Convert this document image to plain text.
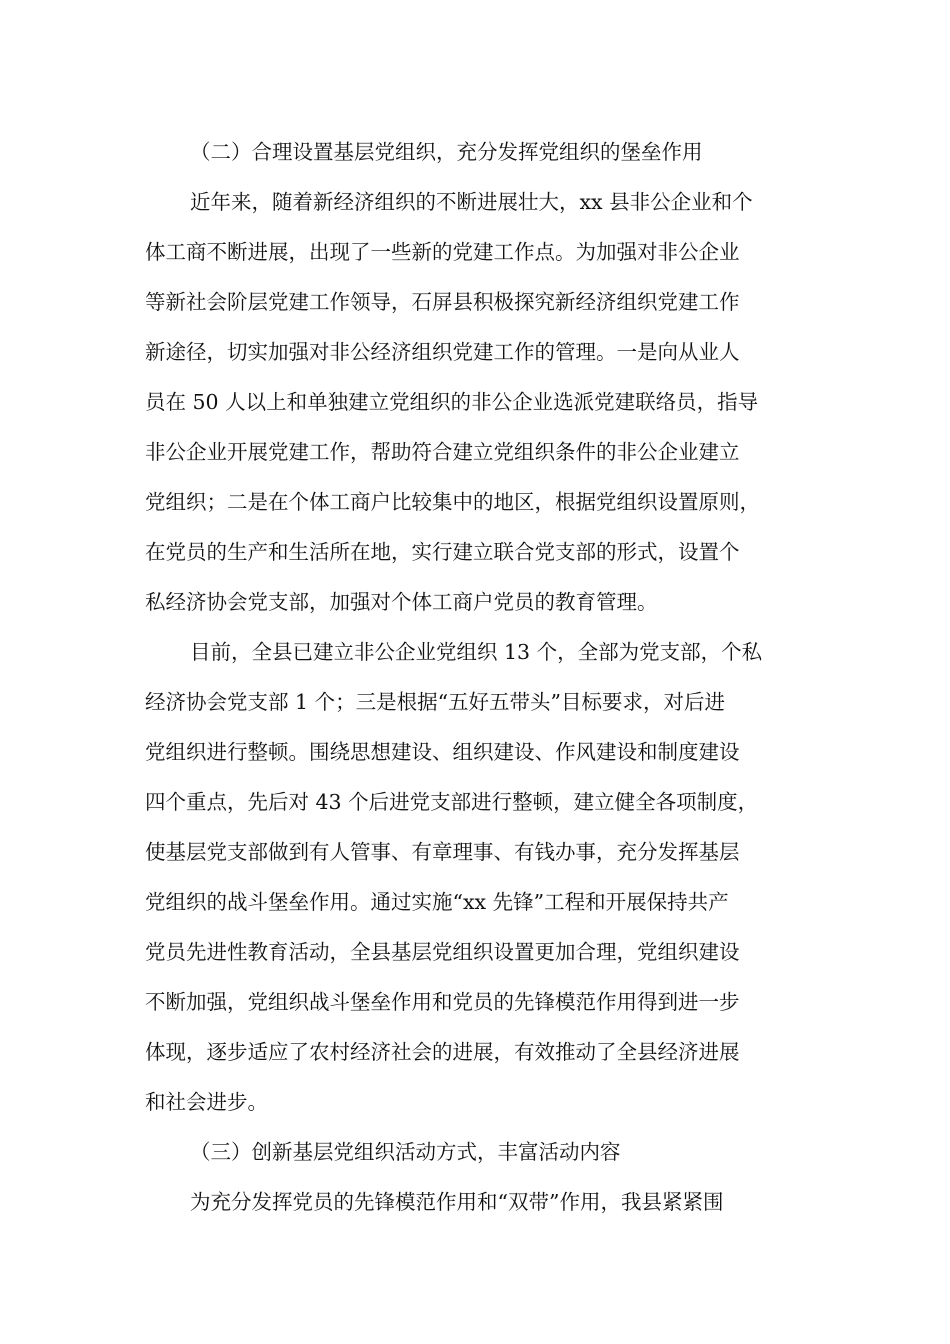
（二）合理设置基层党组织，充分发挥党组织的堡垒作用
近年来，随着新经济组织的不断进展壮大，xx 县非公企业和个
体工商不断进展，出现了一些新的党建工作点。为加强对非公企业
等新社会阶层党建工作领导，石屏县积极探究新经济组织党建工作
新途径，切实加强对非公经济组织党建工作的管理。一是向从业人
员在 50 人以上和单独建立党组织的非公企业选派党建联络员，指导
非公企业开展党建工作，帮助符合建立党组织条件的非公企业建立
党组织；二是在个体工商户比较集中的地区，根据党组织设置原则，
在党员的生产和生活所在地，实行建立联合党支部的形式，设置个
私经济协会党支部，加强对个体工商户党员的教育管理。
目前，全县已建立非公企业党组织 13 个，全部为党支部，个私
经济协会党支部 1 个；三是根据“五好五带头”目标要求，对后进
党组织进行整顿。围绕思想建设、组织建设、作风建设和制度建设
四个重点，先后对 43 个后进党支部进行整顿，建立健全各项制度，
使基层党支部做到有人管事、有章理事、有钱办事，充分发挥基层
党组织的战斗堡垒作用。通过实施“xx 先锋”工程和开展保持共产
党员先进性教育活动，全县基层党组织设置更加合理，党组织建设
不断加强，党组织战斗堡垒作用和党员的先锋模范作用得到进一步
体现，逐步适应了农村经济社会的进展，有效推动了全县经济进展
和社会进步。
（三）创新基层党组织活动方式，丰富活动内容
为充分发挥党员的先锋模范作用和“双带”作用，我县紧紧围
